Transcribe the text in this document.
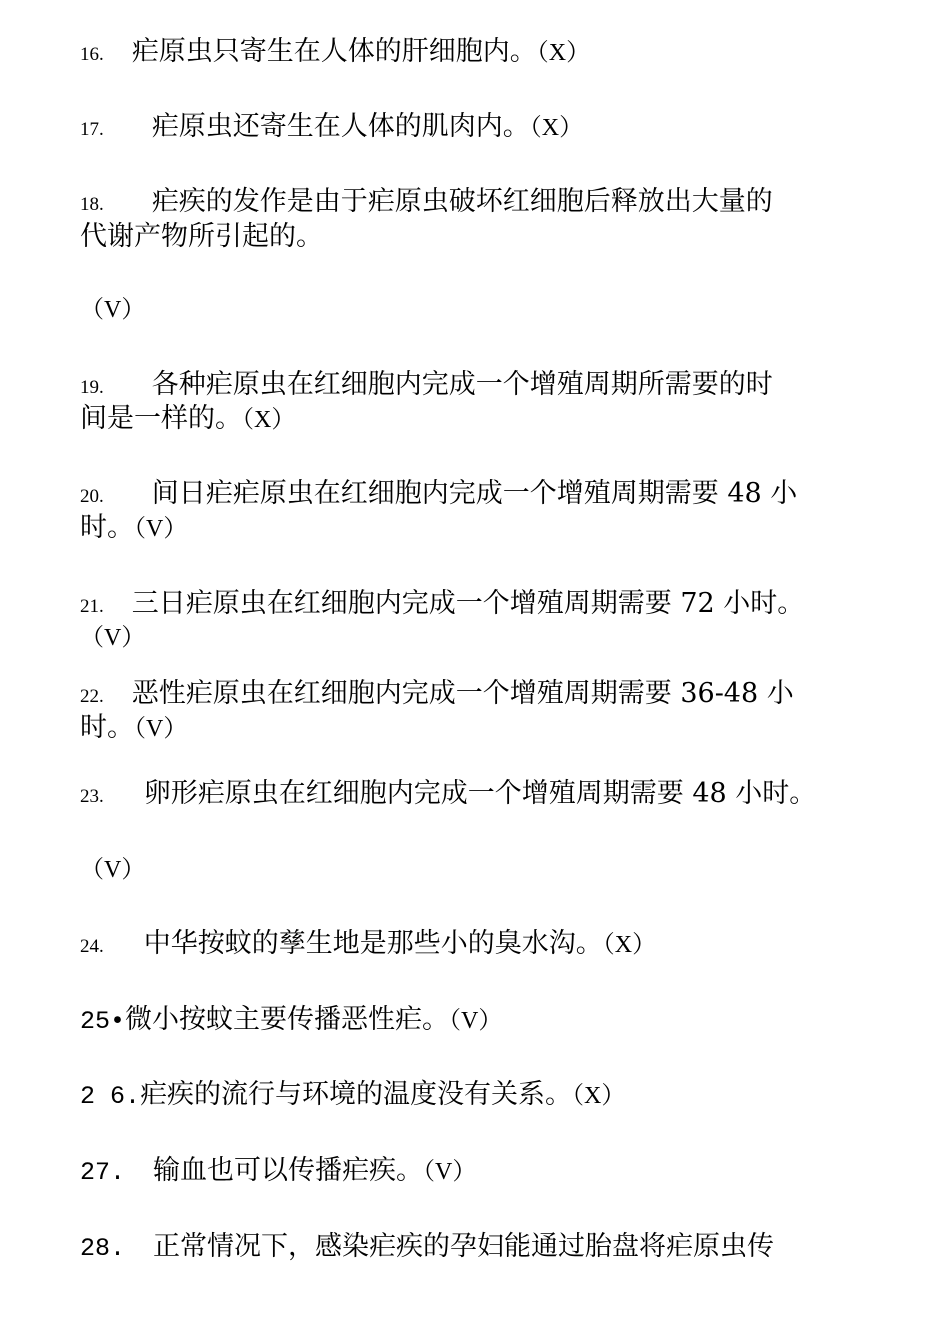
16. 疟原虫只寄生在人体的肝细胞内。（X）
17. 疟原虫还寄生在人体的肌肉内。（X）
18. 疟疾的发作是由于疟原虫破坏红细胞后释放出大量的
代谢产物所引起的。
（V）
19. 各种疟原虫在红细胞内完成一个增殖周期所需要的时
间是一样的。（X）
20. 间日疟疟原虫在红细胞内完成一个增殖周期需要 48 小
时。（V）
21. 三日疟原虫在红细胞内完成一个增殖周期需要 72 小时。
（V）
22. 恶性疟原虫在红细胞内完成一个增殖周期需要 36-48 小
时。（V）
23. 卵形疟原虫在红细胞内完成一个增殖周期需要 48 小时。
（V）
24. 中华按蚊的孳生地是那些小的臭水沟。（X）
25•微小按蚊主要传播恶性疟。（V）
2 6.疟疾的流行与环境的温度没有关系。（X）
27. 输血也可以传播疟疾。（V）
28. 正常情况下，感染疟疾的孕妇能通过胎盘将疟原虫传
